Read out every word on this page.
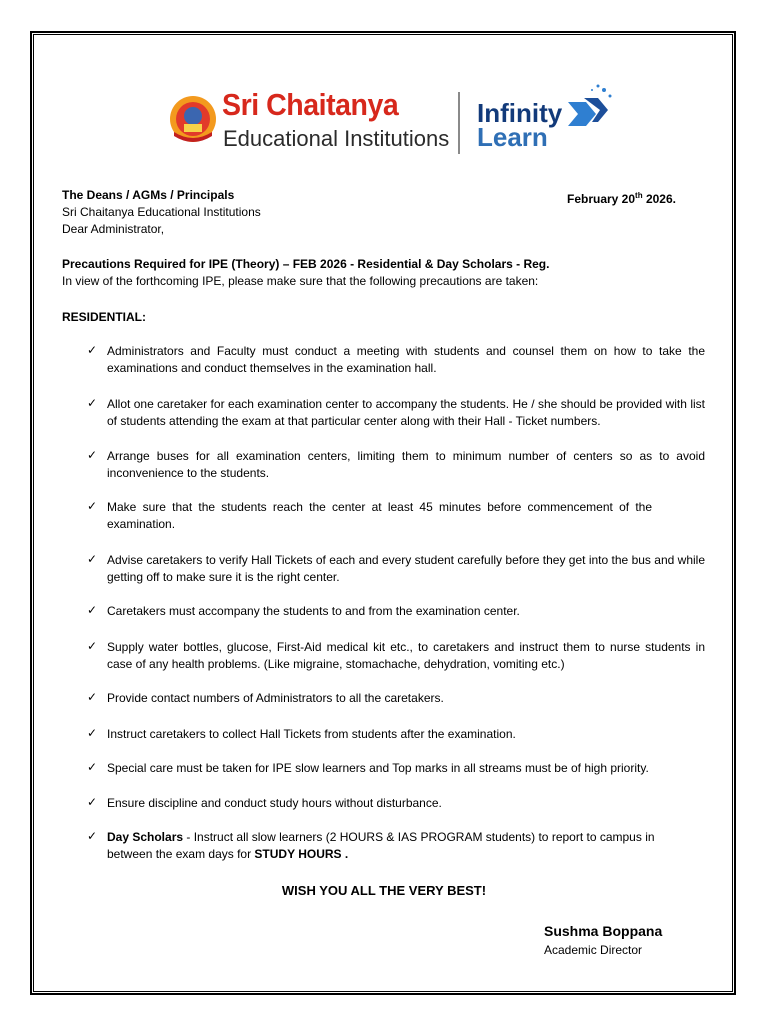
Sri Chaitanya
Educational Institutions
Infinity
Learn
The Deans / AGMs / Principals	February 20th 2026.
Sri Chaitanya Educational Institutions
Dear Administrator,
Precautions Required for IPE (Theory) – FEB 2026 - Residential & Day Scholars - Reg.
In view of the forthcoming IPE, please make sure that the following precautions are taken:
RESIDENTIAL:
✓ Administrators and Faculty must conduct a meeting with students and counsel them on how to take the examinations and conduct themselves in the examination hall.
✓ Allot one caretaker for each examination center to accompany the students. He / she should be provided with list of students attending the exam at that particular center along with their Hall - Ticket numbers.
✓ Arrange buses for all examination centers, limiting them to minimum number of centers so as to avoid inconvenience to the students.
✓ Make sure that the students reach the center at least 45 minutes before commencement of the examination.
✓ Advise caretakers to verify Hall Tickets of each and every student carefully before they get into the bus and while getting off to make sure it is the right center.
✓ Caretakers must accompany the students to and from the examination center.
✓ Supply water bottles, glucose, First-Aid medical kit etc., to caretakers and instruct them to nurse students in case of any health problems. (Like migraine, stomachache, dehydration, vomiting etc.)
✓ Provide contact numbers of Administrators to all the caretakers.
✓ Instruct caretakers to collect Hall Tickets from students after the examination.
✓ Special care must be taken for IPE slow learners and Top marks in all streams must be of high priority.
✓ Ensure discipline and conduct study hours without disturbance.
✓ Day Scholars - Instruct all slow learners (2 HOURS & IAS PROGRAM students) to report to campus in between the exam days for STUDY HOURS .
WISH YOU ALL THE VERY BEST!
Sushma Boppana
Academic Director
